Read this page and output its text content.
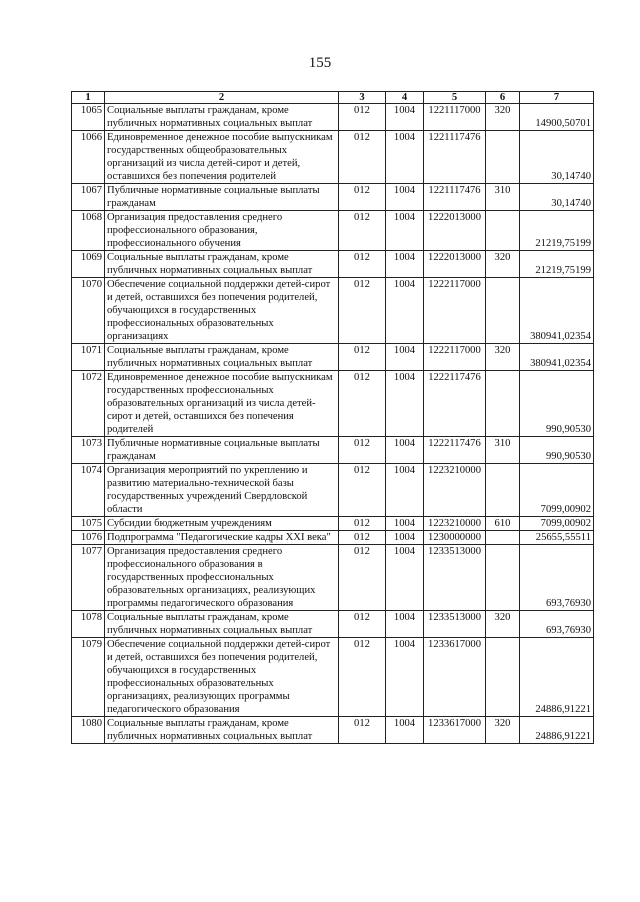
155
1	2	3	4	5	6	7
1065	Социальные выплаты гражданам, кроме публичных нормативных социальных выплат	012	1004	1221117000	320	14900,50701
1066	Единовременное денежное пособие выпускникам государственных общеобразовательных организаций из числа детей-сирот и детей, оставшихся без попечения родителей	012	1004	1221117476		30,14740
1067	Публичные нормативные социальные выплаты гражданам	012	1004	1221117476	310	30,14740
1068	Организация предоставления среднего профессионального образования, профессионального обучения	012	1004	1222013000		21219,75199
1069	Социальные выплаты гражданам, кроме публичных нормативных социальных выплат	012	1004	1222013000	320	21219,75199
1070	Обеспечение социальной поддержки детей-сирот и детей, оставшихся без попечения родителей, обучающихся в государственных профессиональных образовательных организациях	012	1004	1222117000		380941,02354
1071	Социальные выплаты гражданам, кроме публичных нормативных социальных выплат	012	1004	1222117000	320	380941,02354
1072	Единовременное денежное пособие выпускникам государственных профессиональных образовательных организаций из числа детей-сирот и детей, оставшихся без попечения родителей	012	1004	1222117476		990,90530
1073	Публичные нормативные социальные выплаты гражданам	012	1004	1222117476	310	990,90530
1074	Организация мероприятий по укреплению и развитию материально-технической базы государственных учреждений Свердловской области	012	1004	1223210000		7099,00902
1075	Субсидии бюджетным учреждениям	012	1004	1223210000	610	7099,00902
1076	Подпрограмма "Педагогические кадры XXI века"	012	1004	1230000000		25655,55511
1077	Организация предоставления среднего профессионального образования в государственных профессиональных образовательных организациях, реализующих программы педагогического образования	012	1004	1233513000		693,76930
1078	Социальные выплаты гражданам, кроме публичных нормативных социальных выплат	012	1004	1233513000	320	693,76930
1079	Обеспечение социальной поддержки детей-сирот и детей, оставшихся без попечения родителей, обучающихся в государственных профессиональных образовательных организациях, реализующих программы педагогического образования	012	1004	1233617000		24886,91221
1080	Социальные выплаты гражданам, кроме публичных нормативных социальных выплат	012	1004	1233617000	320	24886,91221
